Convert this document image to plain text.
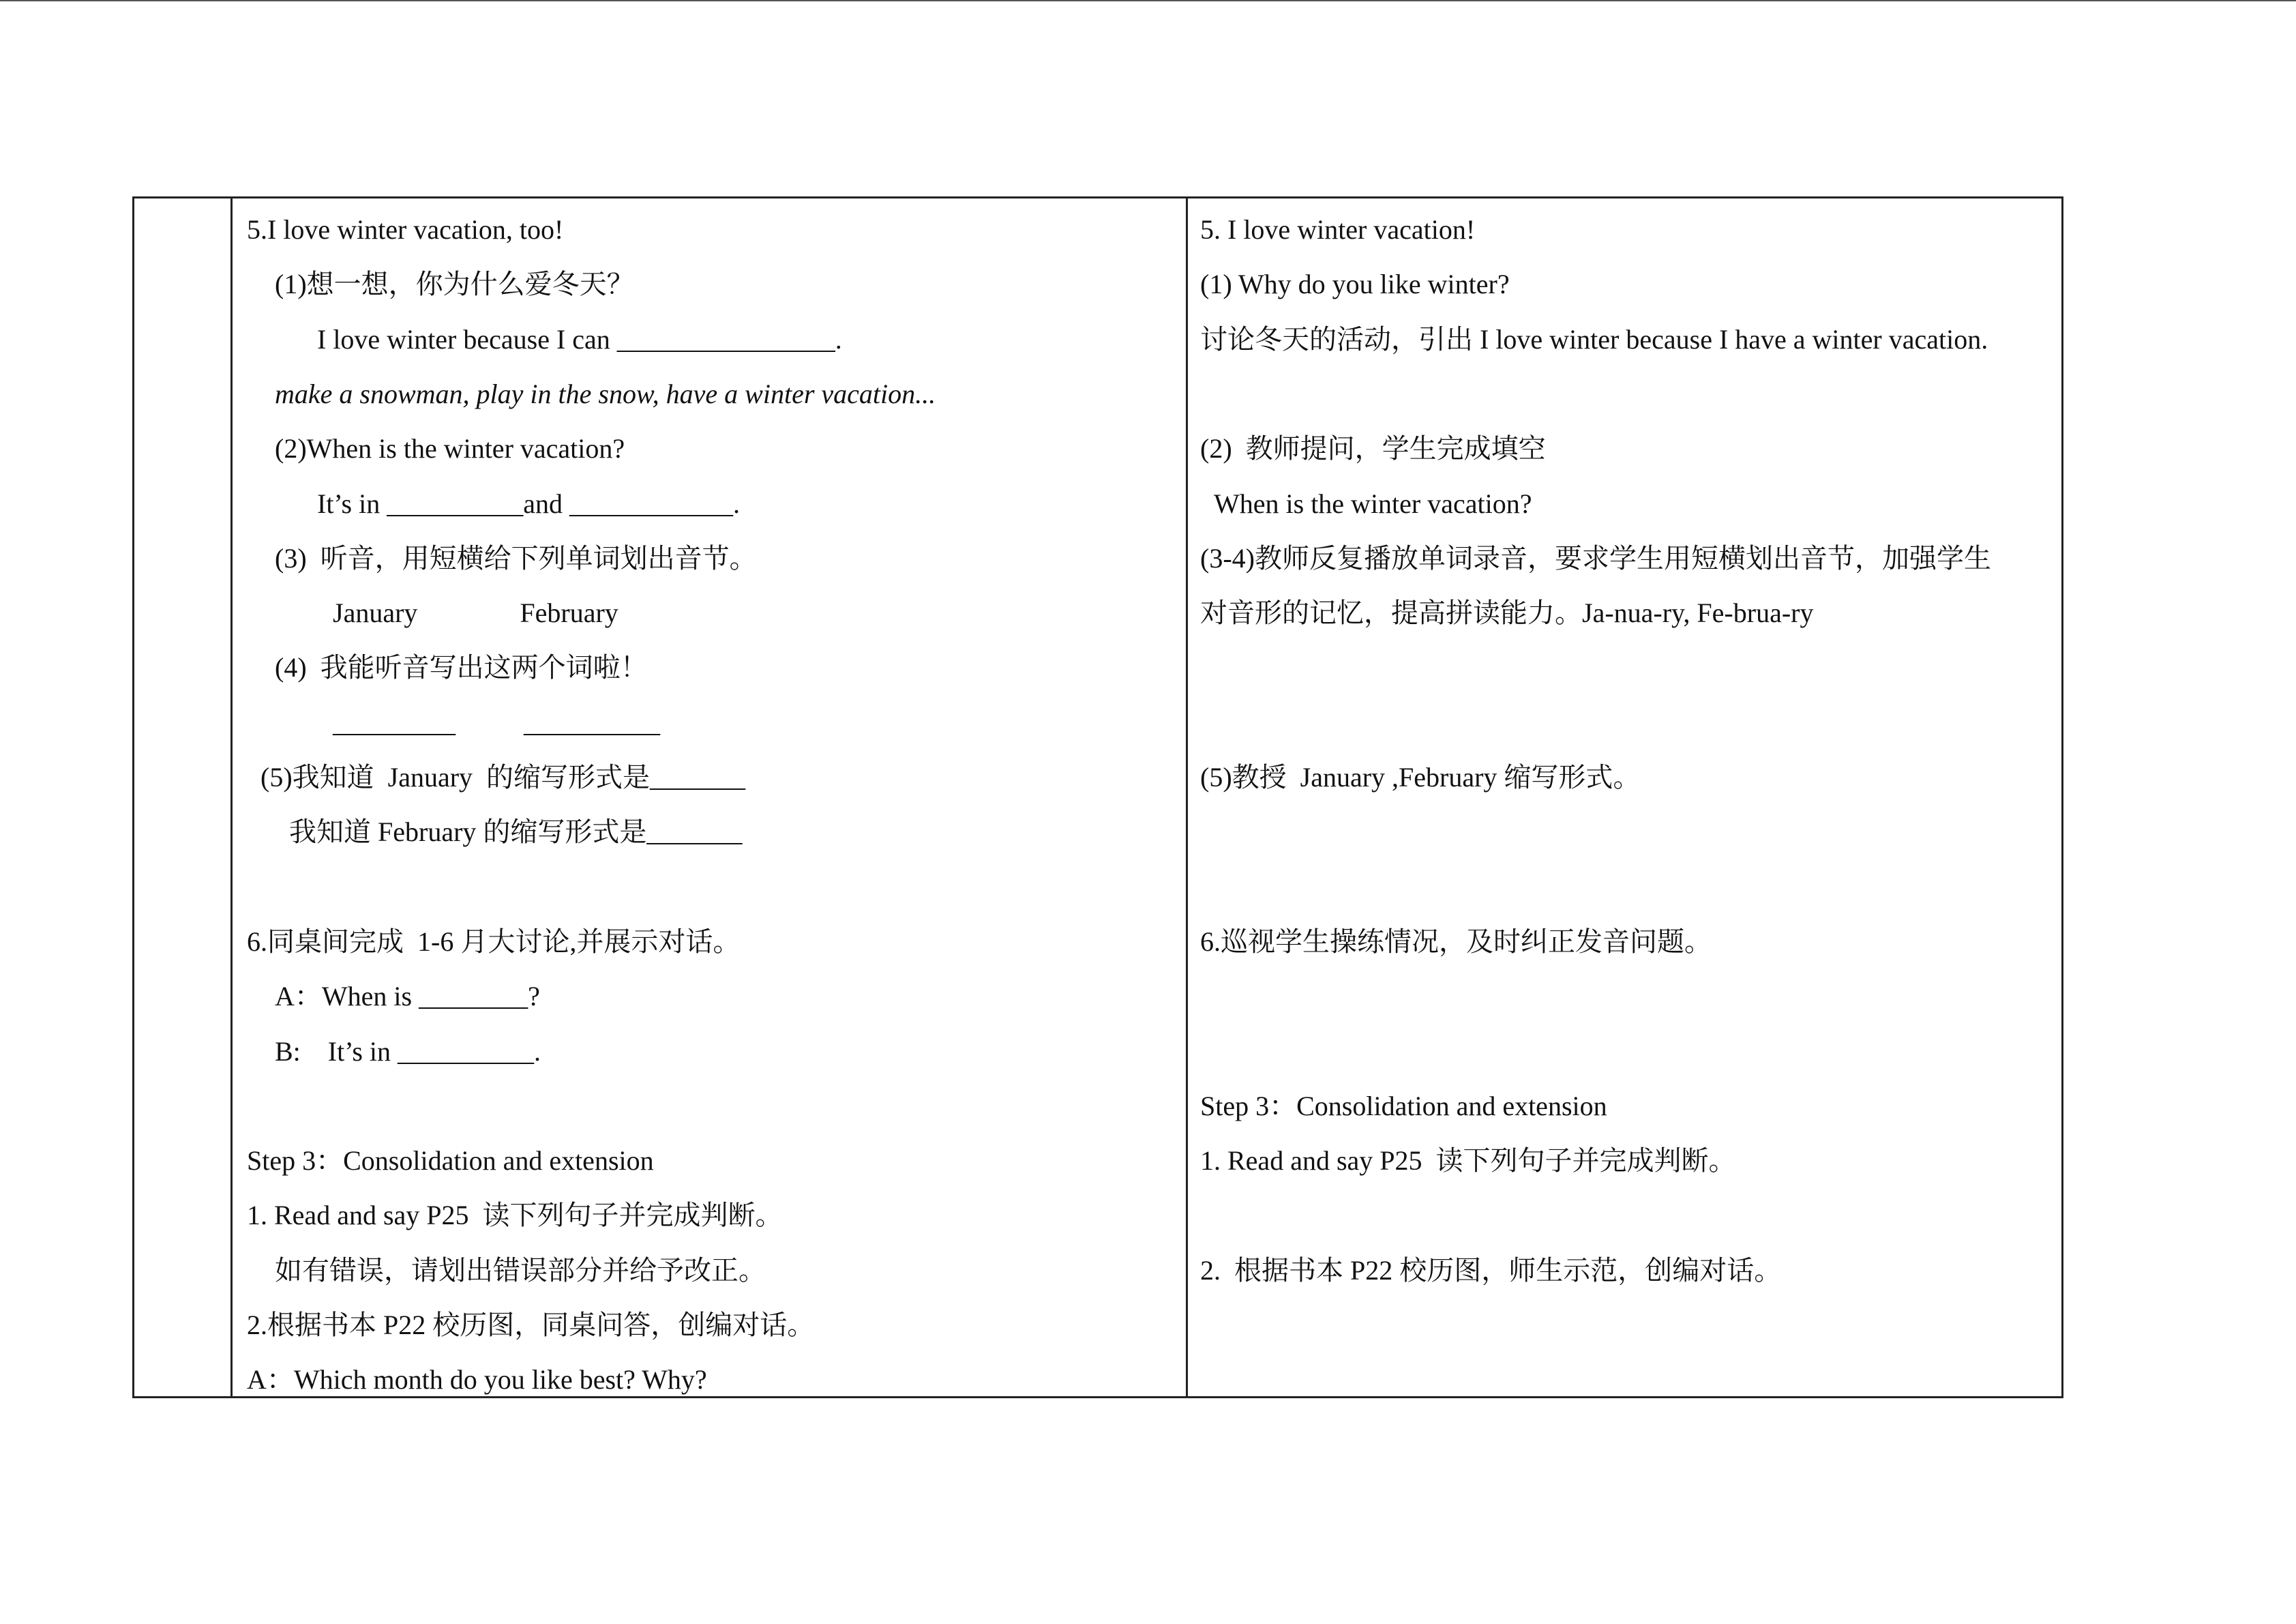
5.I love winter vacation, too!
(1)想一想，你为什么爱冬天？
I love winter because I can ________________.
make a snowman, play in the snow, have a winter vacation...
(2)When is the winter vacation?
It’s in __________and ____________.
(3)  听音，用短横给下列单词划出音节。
January               February
(4)  我能听音写出这两个词啦！
_________          __________
(5)我知道  January  的缩写形式是_______
我知道 February 的缩写形式是_______
6.同桌间完成  1-6 月大讨论,并展示对话。
A：When is ________?
B:    It’s in __________.
Step 3：Consolidation and extension
1. Read and say P25  读下列句子并完成判断。
如有错误，请划出错误部分并给予改正。
2.根据书本 P22 校历图，同桌问答，创编对话。
A：Which month do you like best? Why?
5. I love winter vacation!
(1) Why do you like winter?
讨论冬天的活动，引出 I love winter because I have a winter vacation.
(2)  教师提问，学生完成填空
When is the winter vacation?
(3-4)教师反复播放单词录音，要求学生用短横划出音节，加强学生
对音形的记忆，提高拼读能力。Ja-nua-ry, Fe-brua-ry
(5)教授  January ,February 缩写形式。
6.巡视学生操练情况，及时纠正发音问题。
Step 3：Consolidation and extension
1. Read and say P25  读下列句子并完成判断。
2.  根据书本 P22 校历图，师生示范，创编对话。
